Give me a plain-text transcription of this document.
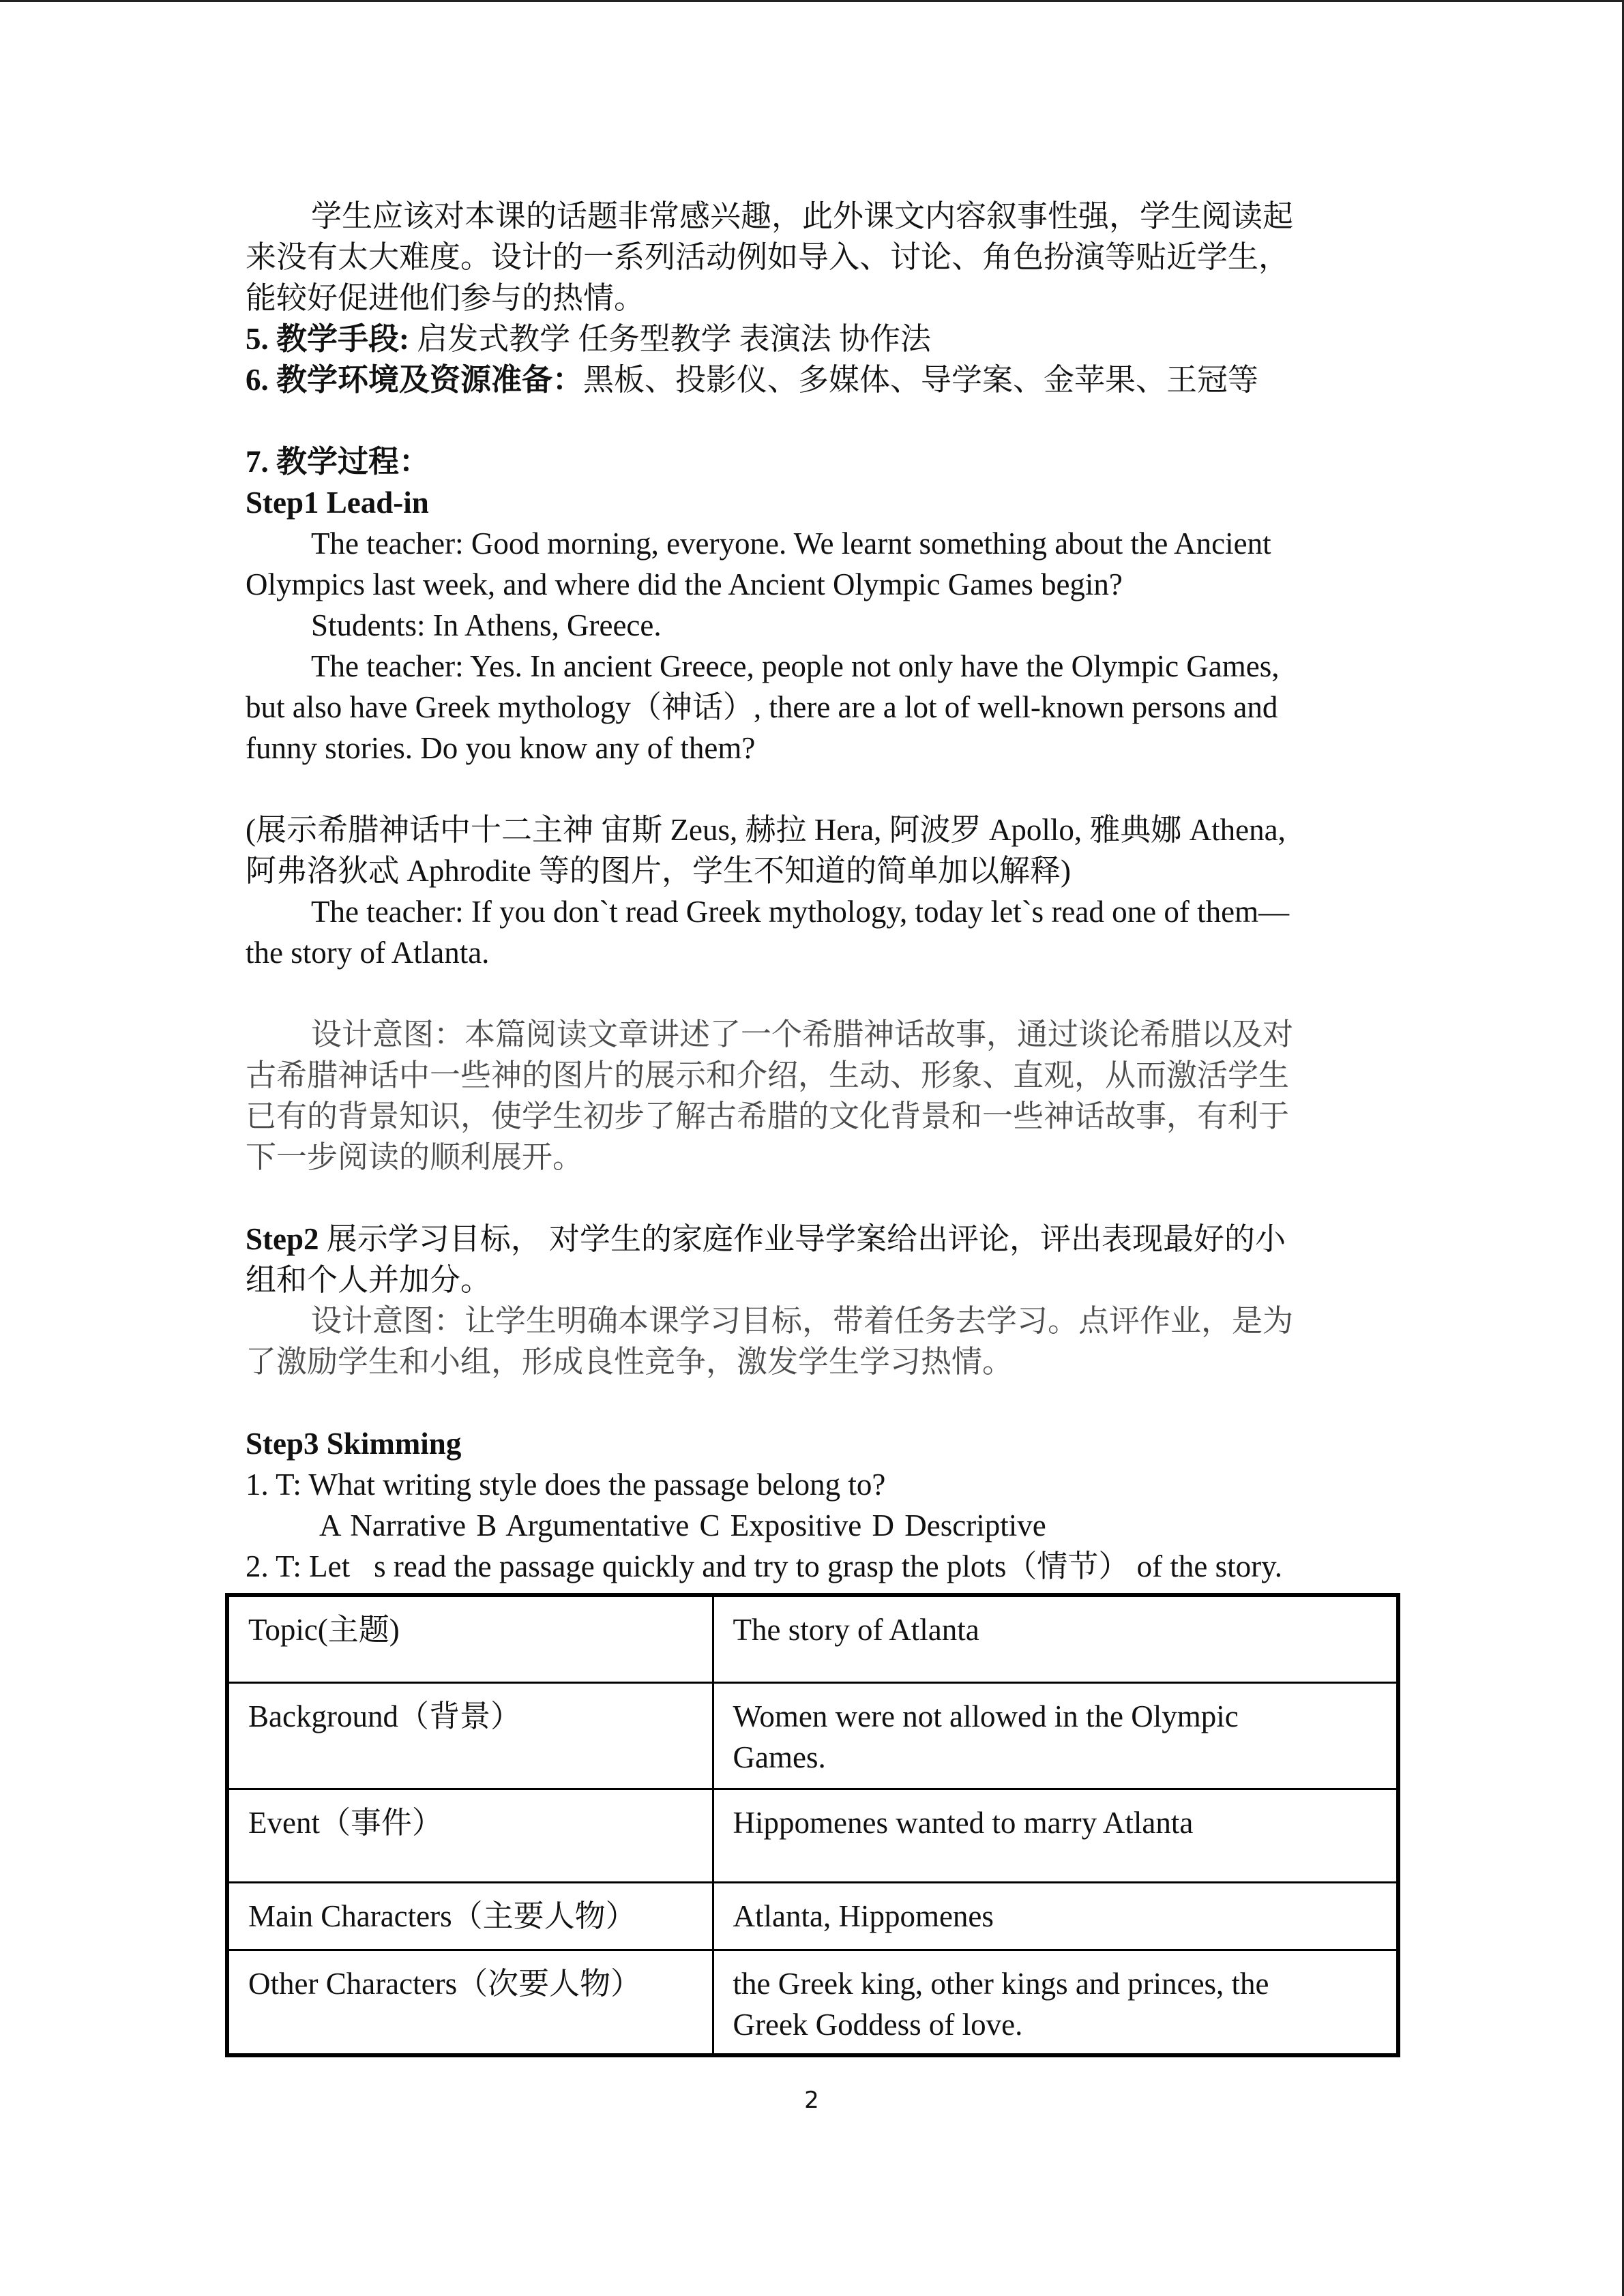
学生应该对本课的话题非常感兴趣，此外课文内容叙事性强，学生阅读起
来没有太大难度。设计的一系列活动例如导入、讨论、角色扮演等贴近学生，
能较好促进他们参与的热情。
5. 教学手段: 启发式教学 任务型教学 表演法 协作法
6. 教学环境及资源准备：黑板、投影仪、多媒体、导学案、金苹果、王冠等
7. 教学过程：
Step1 Lead-in
The teacher: Good morning, everyone. We learnt something about the Ancient
Olympics last week, and where did the Ancient Olympic Games begin?
Students: In Athens, Greece.
The teacher: Yes. In ancient Greece, people not only have the Olympic Games,
but also have Greek mythology（神话）, there are a lot of well-known persons and
funny stories. Do you know any of them?
(展示希腊神话中十二主神 宙斯 Zeus, 赫拉 Hera, 阿波罗 Apollo, 雅典娜 Athena,
阿弗洛狄忒 Aphrodite 等的图片，学生不知道的简单加以解释)
The teacher: If you don`t read Greek mythology, today let`s read one of them—
the story of Atlanta.
设计意图：本篇阅读文章讲述了一个希腊神话故事，通过谈论希腊以及对
古希腊神话中一些神的图片的展示和介绍，生动、形象、直观，从而激活学生
已有的背景知识，使学生初步了解古希腊的文化背景和一些神话故事，有利于
下一步阅读的顺利展开。
Step2 展示学习目标， 对学生的家庭作业导学案给出评论，评出表现最好的小
组和个人并加分。
设计意图：让学生明确本课学习目标，带着任务去学习。点评作业，是为
了激励学生和小组，形成良性竞争，激发学生学习热情。
Step3 Skimming
1. T: What writing style does the passage belong to?
A Narrative B Argumentative C Expositive D Descriptive
2. T: Let⃞s read the passage quickly and try to grasp the plots（情节） of the story.
Topic(主题)	The story of Atlanta
Background（背景）	Women were not allowed in the Olympic
Games.

Event（事件）	Hippomenes wanted to marry Atlanta
Main Characters（主要人物）	Atlanta, Hippomenes
Other Characters（次要人物）	the Greek king, other kings and princes, the
Greek Goddess of love.
2
